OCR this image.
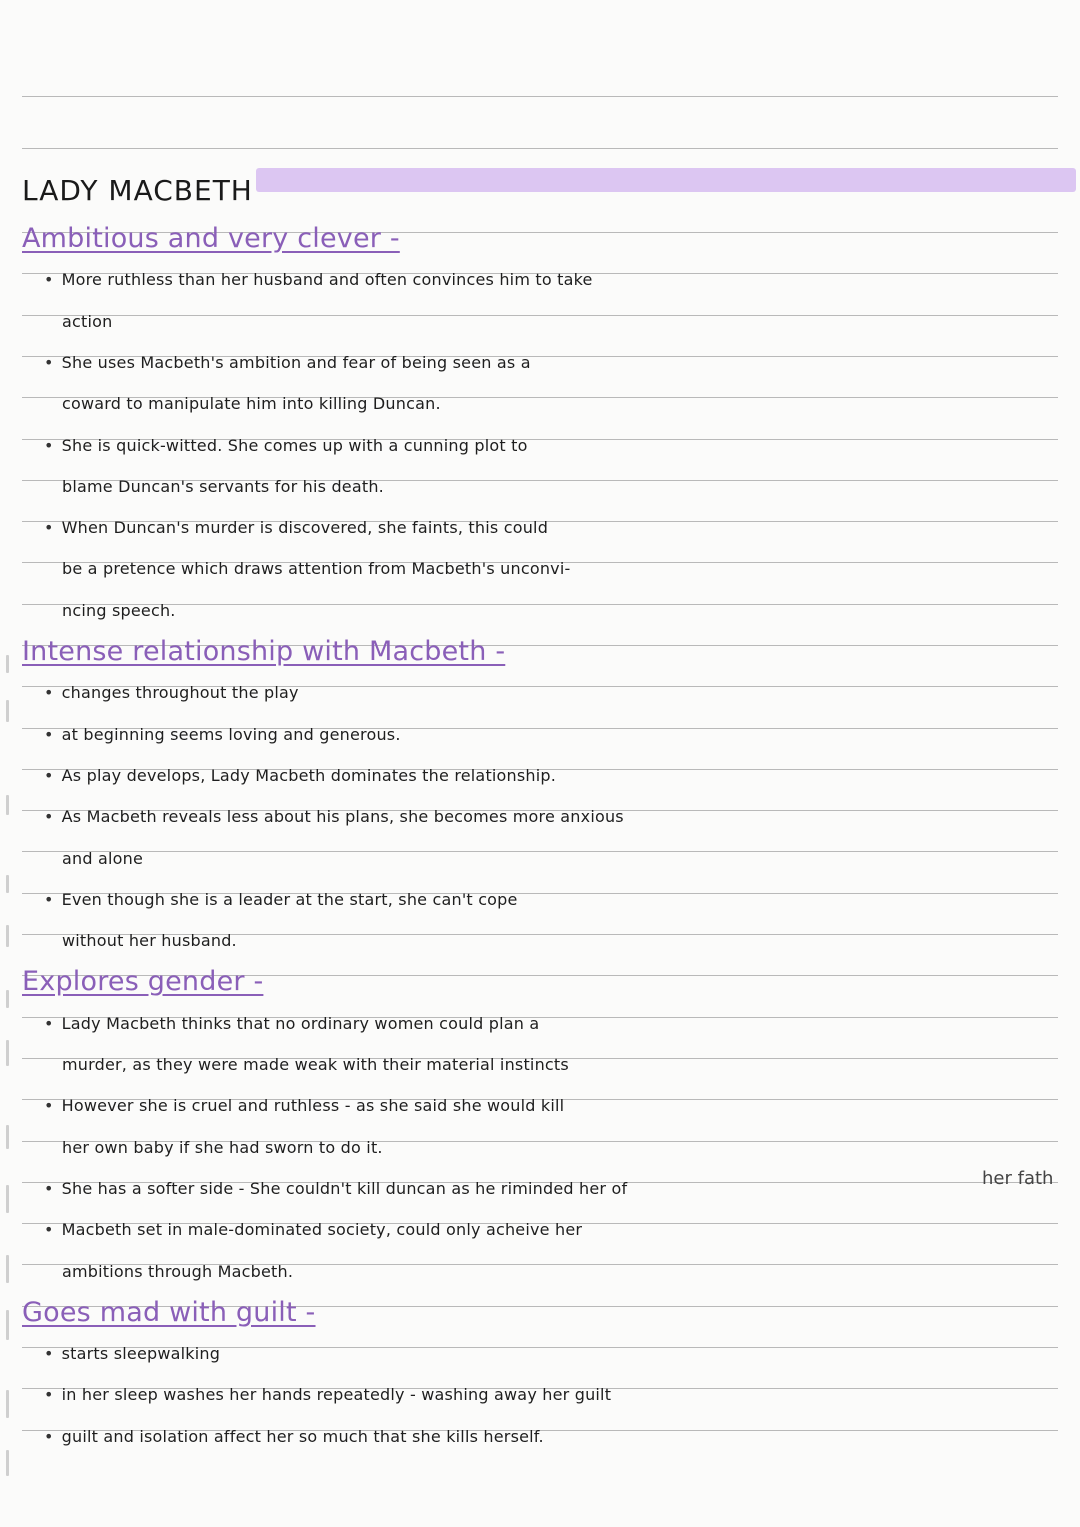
LADY MACBETH
Ambitious and very clever -
• More ruthless than her husband and often convinces him to take
action
• She uses Macbeth's ambition and fear of being seen as a
coward to manipulate him into killing Duncan.
• She is quick-witted. She comes up with a cunning plot to
blame Duncan's servants for his death.
• When Duncan's murder is discovered, she faints, this could
be a pretence which draws attention from Macbeth's unconvi-
ncing speech.
Intense relationship with Macbeth -
• changes throughout the play
• at beginning seems loving and generous.
• As play develops, Lady Macbeth dominates the relationship.
• As Macbeth reveals less about his plans, she becomes more anxious
and alone
• Even though she is a leader at the start, she can't cope
without her husband.
Explores gender -
• Lady Macbeth thinks that no ordinary women could plan a
murder, as they were made weak with their material instincts
• However she is cruel and ruthless - as she said she would kill
her own baby if she had sworn to do it.
• She has a softer side - She couldn't kill duncan as he riminded her of
• Macbeth set in male-dominated society, could only acheive her
ambitions through Macbeth.
Goes mad with guilt -
• starts sleepwalking
• in her sleep washes her hands repeatedly - washing away her guilt
• guilt and isolation affect her so much that she kills herself.
her fath
